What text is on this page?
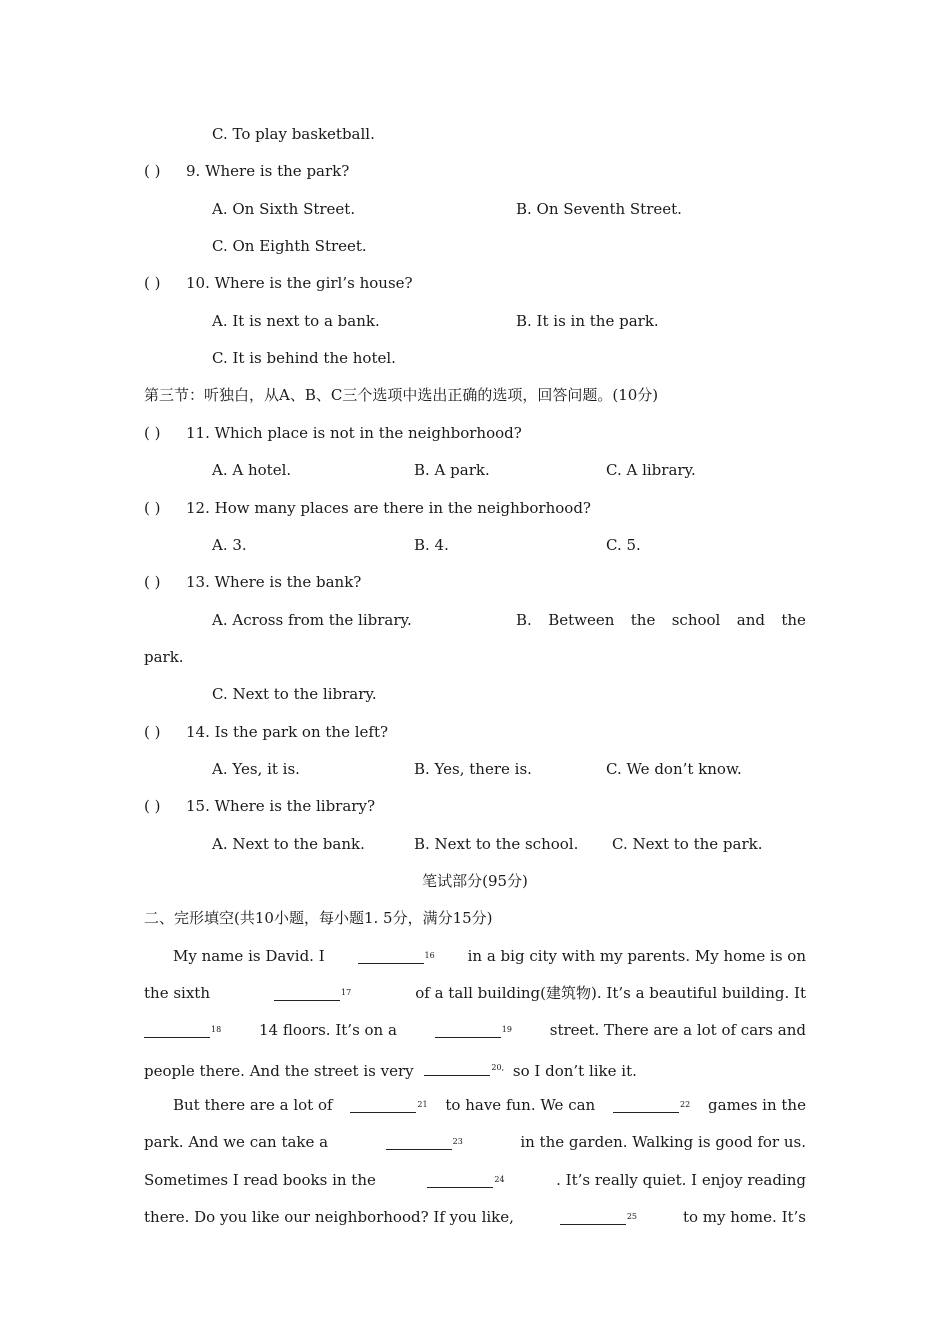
C. To play basketball.
( ) 9. Where is the park?
A. On Sixth Street.	B. On Seventh Street.
C. On Eighth Street.
( ) 10. Where is the girl’s house?
A. It is next to a bank.	B. It is in the park.
C. It is behind the hotel.
第三节：听独白，从A、B、C三个选项中选出正确的选项，回答问题。(10分)
( ) 11. Which place is not in the neighborhood?
A. A hotel.	B. A park.	C. A library.
( ) 12. How many places are there in the neighborhood?
A. 3.	B. 4.	C. 5.
( ) 13. Where is the bank?
A. Across from the library.	B. Between the school and the
park.
C. Next to the library.
( ) 14. Is the park on the left?
A. Yes, it is.	B. Yes, there is.	C. We don’t know.
( ) 15. Where is the library?
A. Next to the bank.	B. Next to the school. C. Next to the park.
笔试部分(95分)
二、完形填空(共10小题，每小题1. 5分，满分15分)
My name is David. I	$^{16}$ in a big city with my parents. My home is on
the sixth	$^{17}$	of a tall building(建筑物). It’s a beautiful building. It
$^{18}$	14 floors. It’s on a	$^{19}$	street. There are a lot of cars and
people there. And the street is very	$^{20,}$ so I don’t like it.
But there are a lot of	$^{21}$ to have fun. We can	$^{22}$ games in the
park. And we can take a	$^{23}$	in the garden. Walking is good for us.
Sometimes I read books in the	$^{24}$	. It’s really quiet. I enjoy reading
there. Do you like our neighborhood? If you like,	$^{25}$	to my home. It’s
